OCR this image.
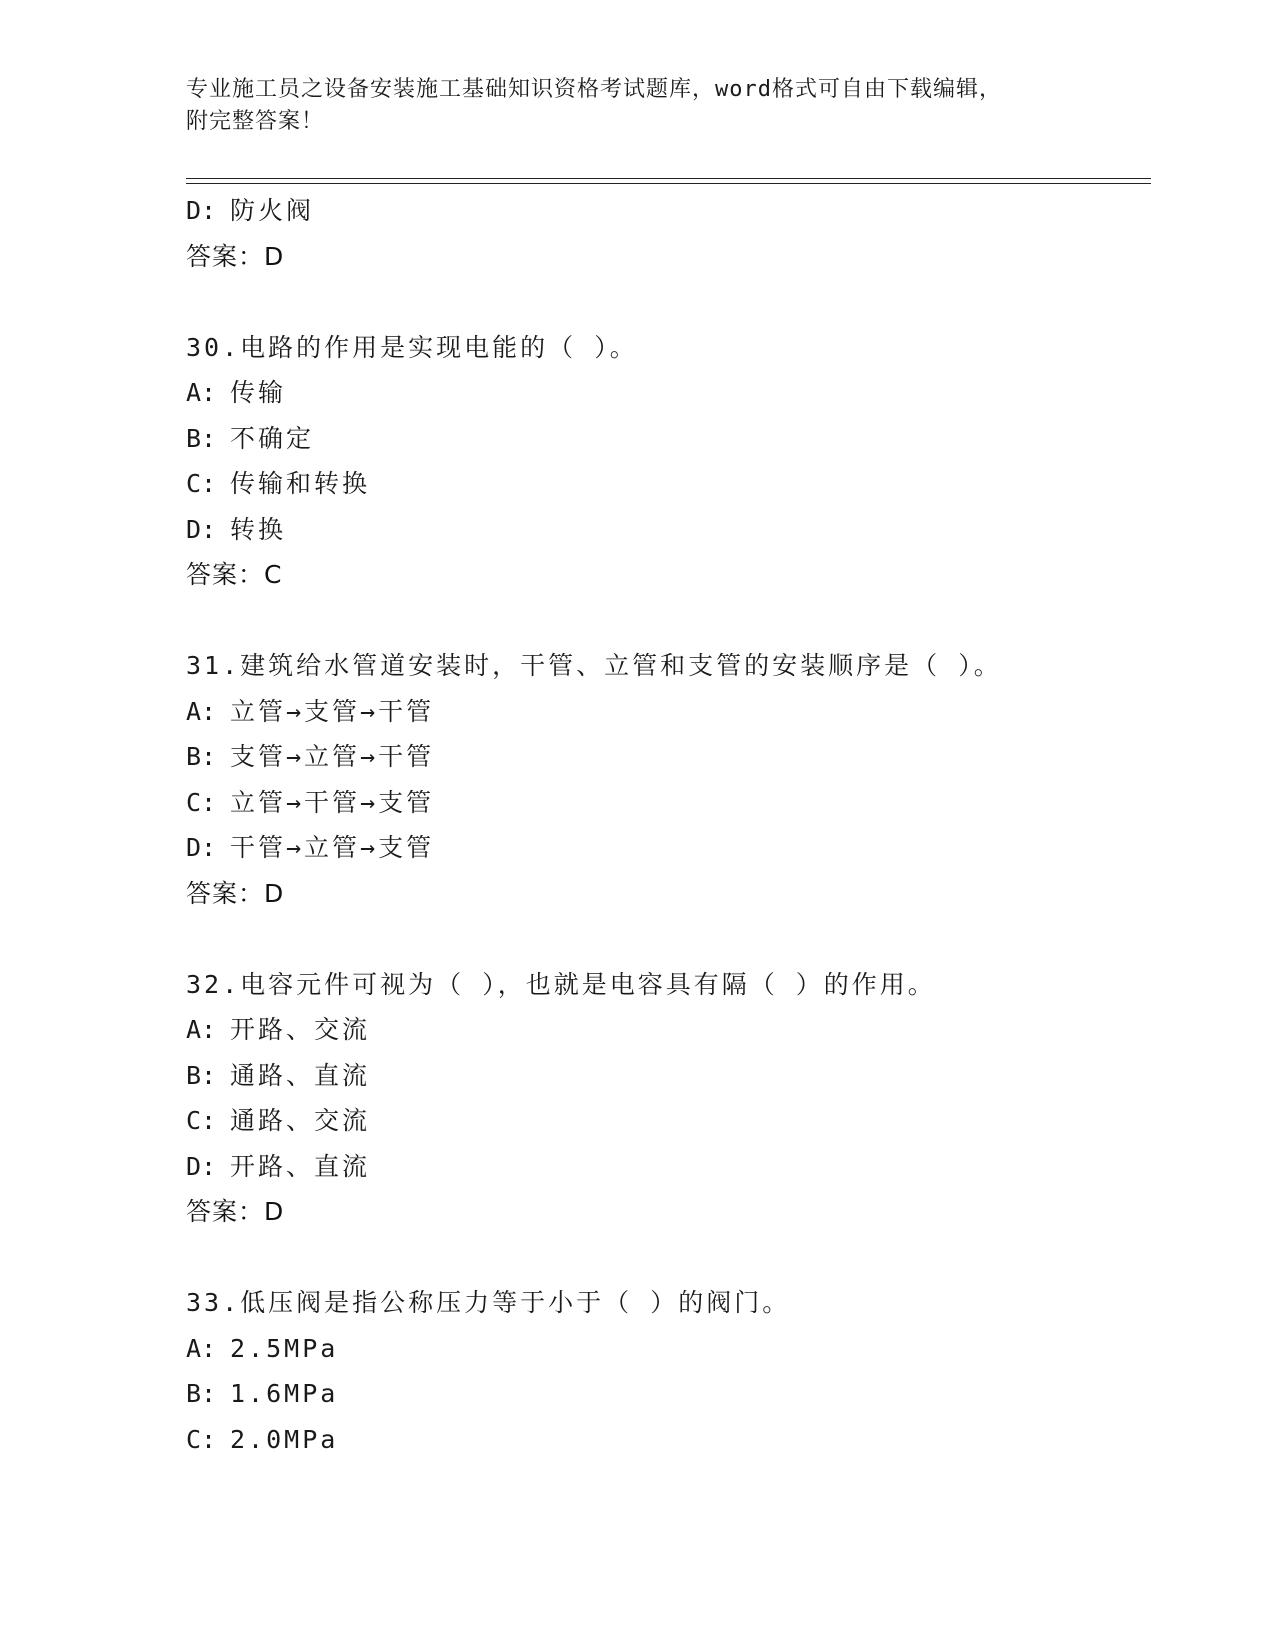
专业施工员之设备安装施工基础知识资格考试题库，word格式可自由下载编辑，
附完整答案！
D: 防火阀
答案：D
30.电路的作用是实现电能的（ ）。
A: 传输
B: 不确定
C: 传输和转换
D: 转换
答案：C
31.建筑给水管道安装时，干管、立管和支管的安装顺序是（ ）。
A: 立管→支管→干管
B: 支管→立管→干管
C: 立管→干管→支管
D: 干管→立管→支管
答案：D
32.电容元件可视为（ ），也就是电容具有隔（ ）的作用。
A: 开路、交流
B: 通路、直流
C: 通路、交流
D: 开路、直流
答案：D
33.低压阀是指公称压力等于小于（ ）的阀门。
A: 2.5MPa
B: 1.6MPa
C: 2.0MPa
